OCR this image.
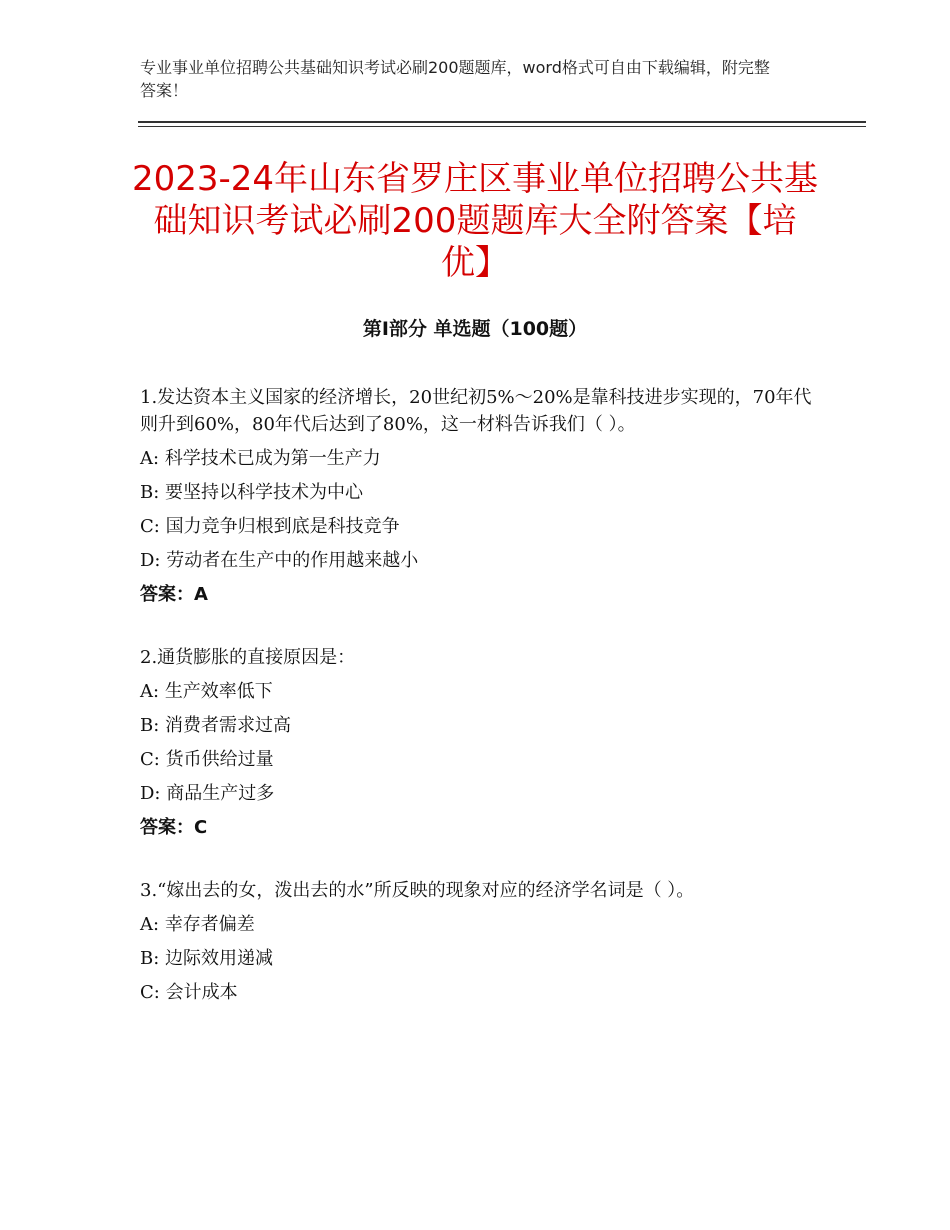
专业事业单位招聘公共基础知识考试必刷200题题库，word格式可自由下载编辑，附完整答案！
2023-24年山东省罗庄区事业单位招聘公共基础知识考试必刷200题题库大全附答案【培优】
第I部分 单选题（100题）
1.发达资本主义国家的经济增长，20世纪初5%～20%是靠科技进步实现的，70年代则升到60%，80年代后达到了80%，这一材料告诉我们（ ）。
A: 科学技术已成为第一生产力
B: 要坚持以科学技术为中心
C: 国力竞争归根到底是科技竞争
D: 劳动者在生产中的作用越来越小
答案：A
2.通货膨胀的直接原因是：
A: 生产效率低下
B: 消费者需求过高
C: 货币供给过量
D: 商品生产过多
答案：C
3.“嫁出去的女，泼出去的水”所反映的现象对应的经济学名词是（ ）。
A: 幸存者偏差
B: 边际效用递减
C: 会计成本
